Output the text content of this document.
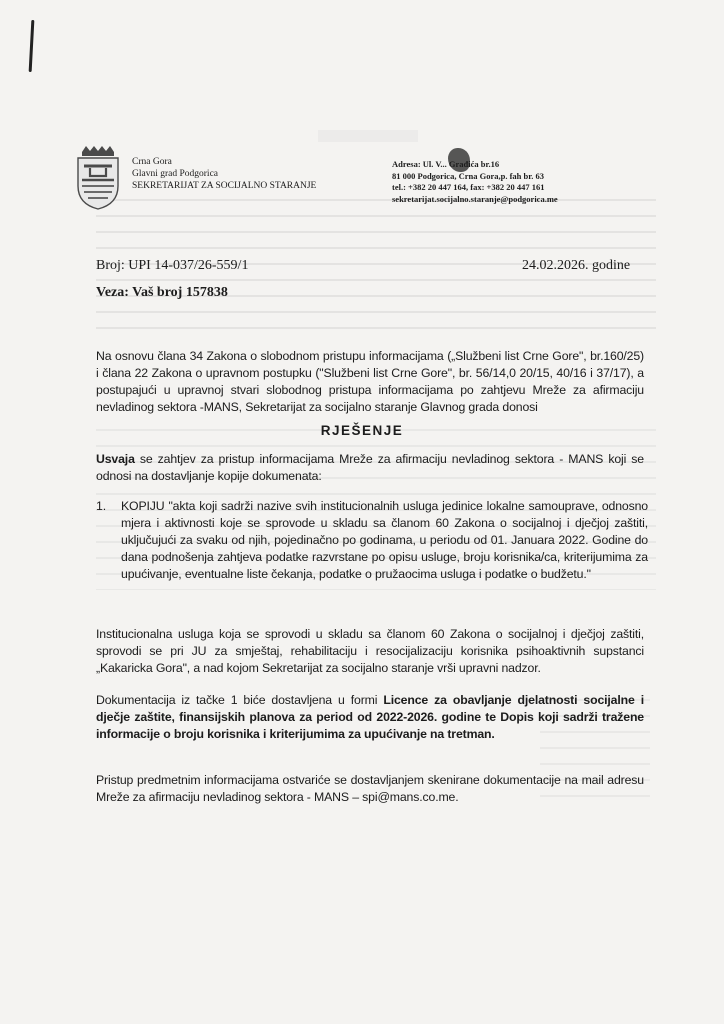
Crna Gora
Glavni grad Podgorica
SEKRETARIJAT ZA SOCIJALNO STARANJE
Adresa: Ul. V... Građića br.16
81 000 Podgorica, Crna Gora,p. fah br. 63
tel.: +382 20 447 164, fax: +382 20 447 161
sekretarijat.socijalno.staranje@podgorica.me
Broj: UPI 14-037/26-559/1	24.02.2026. godine
Veza: Vaš broj 157838
Na osnovu člana 34 Zakona o slobodnom pristupu informacijama („Službeni list Crne Gore", br.160/25) i člana 22 Zakona o upravnom postupku ("Službeni list Crne Gore", br. 56/14,0 20/15, 40/16 i 37/17), a postupajući u upravnoj stvari slobodnog pristupa informacijama po zahtjevu Mreže za afirmaciju nevladinog sektora -MANS, Sekretarijat za socijalno staranje Glavnog grada donosi
RJEŠENJE
Usvaja se zahtjev za pristup informacijama Mreže za afirmaciju nevladinog sektora - MANS koji se odnosi na dostavljanje kopije dokumenata:
1. KOPIJU "akta koji sadrži nazive svih institucionalnih usluga jedinice lokalne samouprave, odnosno mjera i aktivnosti koje se sprovode u skladu sa članom 60 Zakona o socijalnoj i dječjoj zaštiti, uključujući za svaku od njih, pojedinačno po godinama, u periodu od 01. Januara 2022. Godine do dana podnošenja zahtjeva podatke razvrstane po opisu usluge, broju korisnika/ca, kriterijumima za upućivanje, eventualne liste čekanja, podatke o pružaocima usluga i podatke o budžetu."
Institucionalna usluga koja se sprovodi u skladu sa članom 60 Zakona o socijalnoj i dječjoj zaštiti, sprovodi se pri JU za smještaj, rehabilitaciju i resocijalizaciju korisnika psihoaktivnih supstanci „Kakaricka Gora", a nad kojom Sekretarijat za socijalno staranje vrši upravni nadzor.
Dokumentacija iz tačke 1 biće dostavljena u formi Licence za obavljanje djelatnosti socijalne i dječje zaštite, finansijskih planova za period od 2022-2026. godine te Dopis koji sadrži tražene informacije o broju korisnika i kriterijumima za upućivanje na tretman.
Pristup predmetnim informacijama ostvariće se dostavljanjem skenirane dokumentacije na mail adresu Mreže za afirmaciju nevladinog sektora - MANS – spi@mans.co.me.
